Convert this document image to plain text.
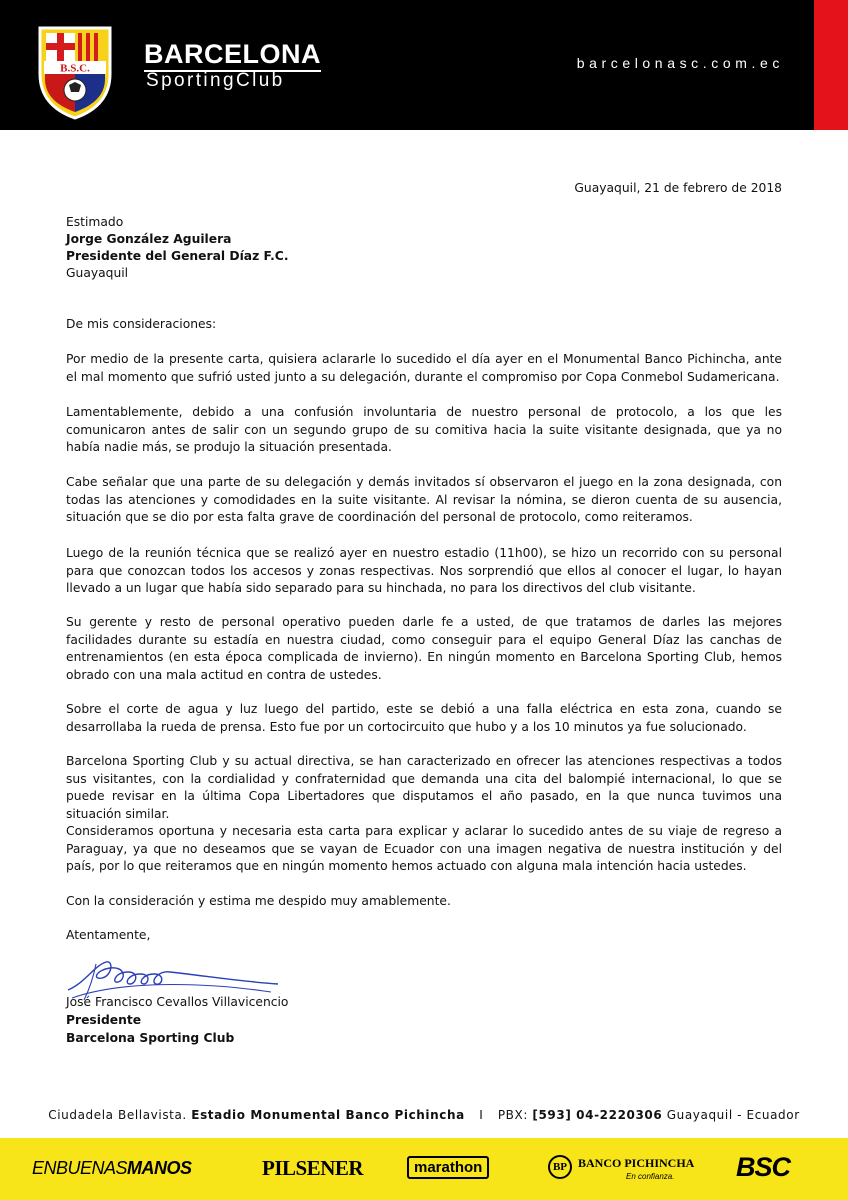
B.S.C. BARCELONA
SportingClub
barcelonasc.com.ec
Guayaquil, 21 de febrero de 2018
Estimado
Jorge González Aguilera
Presidente del General Díaz F.C.
Guayaquil

De mis consideraciones:

Por medio de la presente carta, quisiera aclararle lo sucedido el día ayer en el Monumental Banco Pichincha, ante el mal momento que sufrió usted junto a su delegación, durante el compromiso por Copa Conmebol Sudamericana.

Lamentablemente, debido a una confusión involuntaria de nuestro personal de protocolo, a los que les comunicaron antes de salir con un segundo grupo de su comitiva hacia la suite visitante designada, que ya no había nadie más, se produjo la situación presentada.

Cabe señalar que una parte de su delegación y demás invitados sí observaron el juego en la zona designada, con todas las atenciones y comodidades en la suite visitante. Al revisar la nómina, se dieron cuenta de su ausencia, situación que se dio por esta falta grave de coordinación del personal de protocolo, como reiteramos.

Luego de la reunión técnica que se realizó ayer en nuestro estadio (11h00), se hizo un recorrido con su personal para que conozcan todos los accesos y zonas respectivas. Nos sorprendió que ellos al conocer el lugar, lo hayan llevado a un lugar que había sido separado para su hinchada, no para los directivos del club visitante.

Su gerente y resto de personal operativo pueden darle fe a usted, de que tratamos de darles las mejores facilidades durante su estadía en nuestra ciudad, como conseguir para el equipo General Díaz las canchas de entrenamientos (en esta época complicada de invierno). En ningún momento en Barcelona Sporting Club, hemos obrado con una mala actitud en contra de ustedes.

Sobre el corte de agua y luz luego del partido, este se debió a una falla eléctrica en esta zona, cuando se desarrollaba la rueda de prensa. Esto fue por un cortocircuito que hubo y a los 10 minutos ya fue solucionado.

Barcelona Sporting Club y su actual directiva, se han caracterizado en ofrecer las atenciones respectivas a todos sus visitantes, con la cordialidad y confraternidad que demanda una cita del balompié internacional, lo que se puede revisar en la última Copa Libertadores que disputamos el año pasado, en la que nunca tuvimos una situación similar.

Consideramos oportuna y necesaria esta carta para explicar y aclarar lo sucedido antes de su viaje de regreso a Paraguay, ya que no deseamos que se vayan de Ecuador con una imagen negativa de nuestra institución y del país, por lo que reiteramos que en ningún momento hemos actuado con alguna mala intención hacia ustedes.

Con la consideración y estima me despido muy amablemente.

Atentamente,

José Francisco Cevallos Villavicencio
Presidente
Barcelona Sporting Club
Ciudadela Bellavista. Estadio Monumental Banco Pichincha I PBX: [593] 04-2220306 Guayaquil - Ecuador
ENBUENASMANOS	PILSENER	marathon	BP BANCO PICHINCHA
En confianza. BSC
